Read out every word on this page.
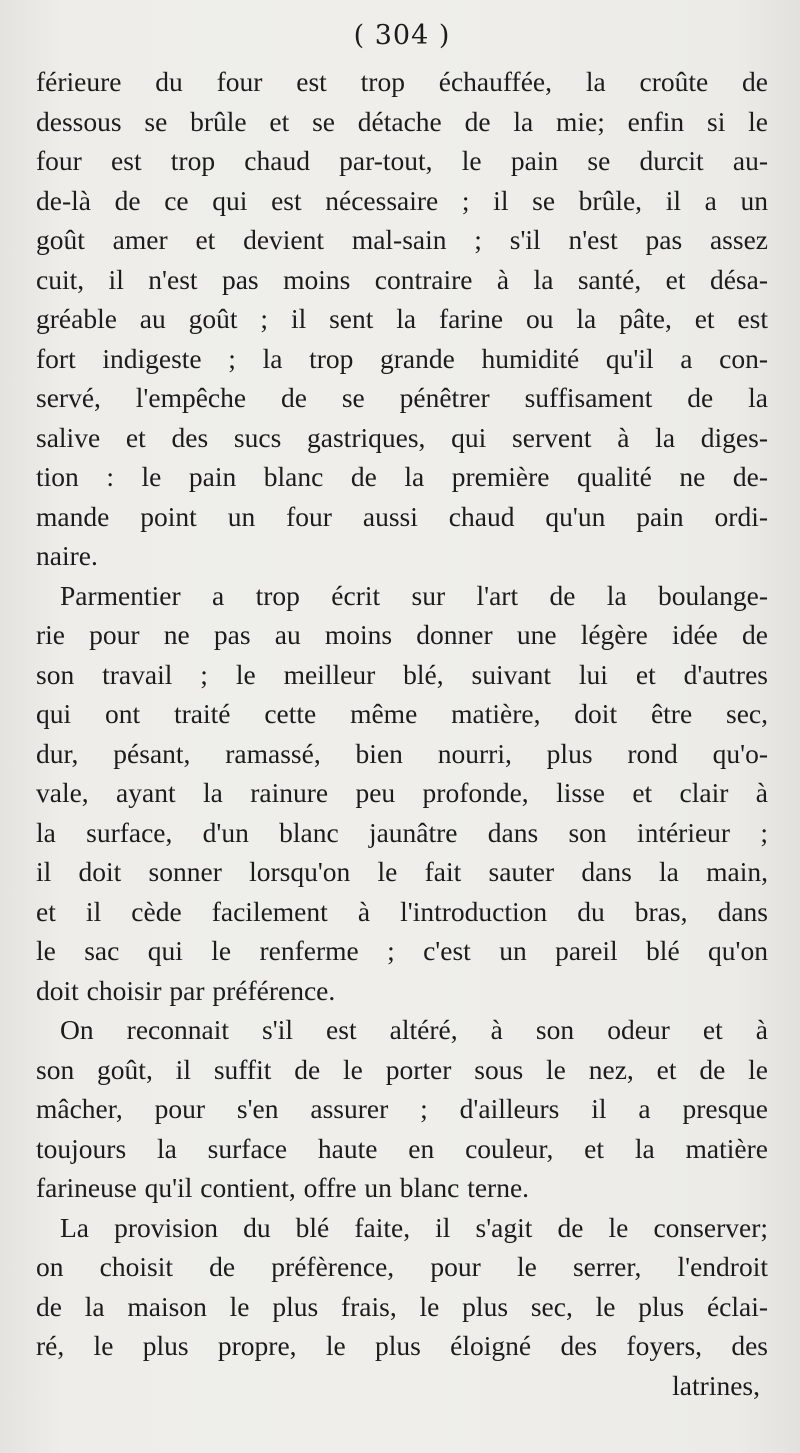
( 304 )
férieure du four est trop échauffée, la croûte de
dessous se brûle et se détache de la mie; enfin si le
four est trop chaud par-tout, le pain se durcit au-
de-là de ce qui est nécessaire ; il se brûle, il a un
goût amer et devient mal-sain ; s'il n'est pas assez
cuit, il n'est pas moins contraire à la santé, et désa-
gréable au goût ; il sent la farine ou la pâte, et est
fort indigeste ; la trop grande humidité qu'il a con-
servé, l'empêche de se pénêtrer suffisament de la
salive et des sucs gastriques, qui servent à la diges-
tion : le pain blanc de la première qualité ne de-
mande point un four aussi chaud qu'un pain ordi-
naire.
Parmentier a trop écrit sur l'art de la boulange-
rie pour ne pas au moins donner une légère idée de
son travail ; le meilleur blé, suivant lui et d'autres
qui ont traité cette même matière, doit être sec,
dur, pésant, ramassé, bien nourri, plus rond qu'o-
vale, ayant la rainure peu profonde, lisse et clair à
la surface, d'un blanc jaunâtre dans son intérieur ;
il doit sonner lorsqu'on le fait sauter dans la main,
et il cède facilement à l'introduction du bras, dans
le sac qui le renferme ; c'est un pareil blé qu'on
doit choisir par préférence.
On reconnait s'il est altéré, à son odeur et à
son goût, il suffit de le porter sous le nez, et de le
mâcher, pour s'en assurer ; d'ailleurs il a presque
toujours la surface haute en couleur, et la matière
farineuse qu'il contient, offre un blanc terne.
La provision du blé faite, il s'agit de le conserver;
on choisit de préfèrence, pour le serrer, l'endroit
de la maison le plus frais, le plus sec, le plus éclai-
ré, le plus propre, le plus éloigné des foyers, des
latrines,
